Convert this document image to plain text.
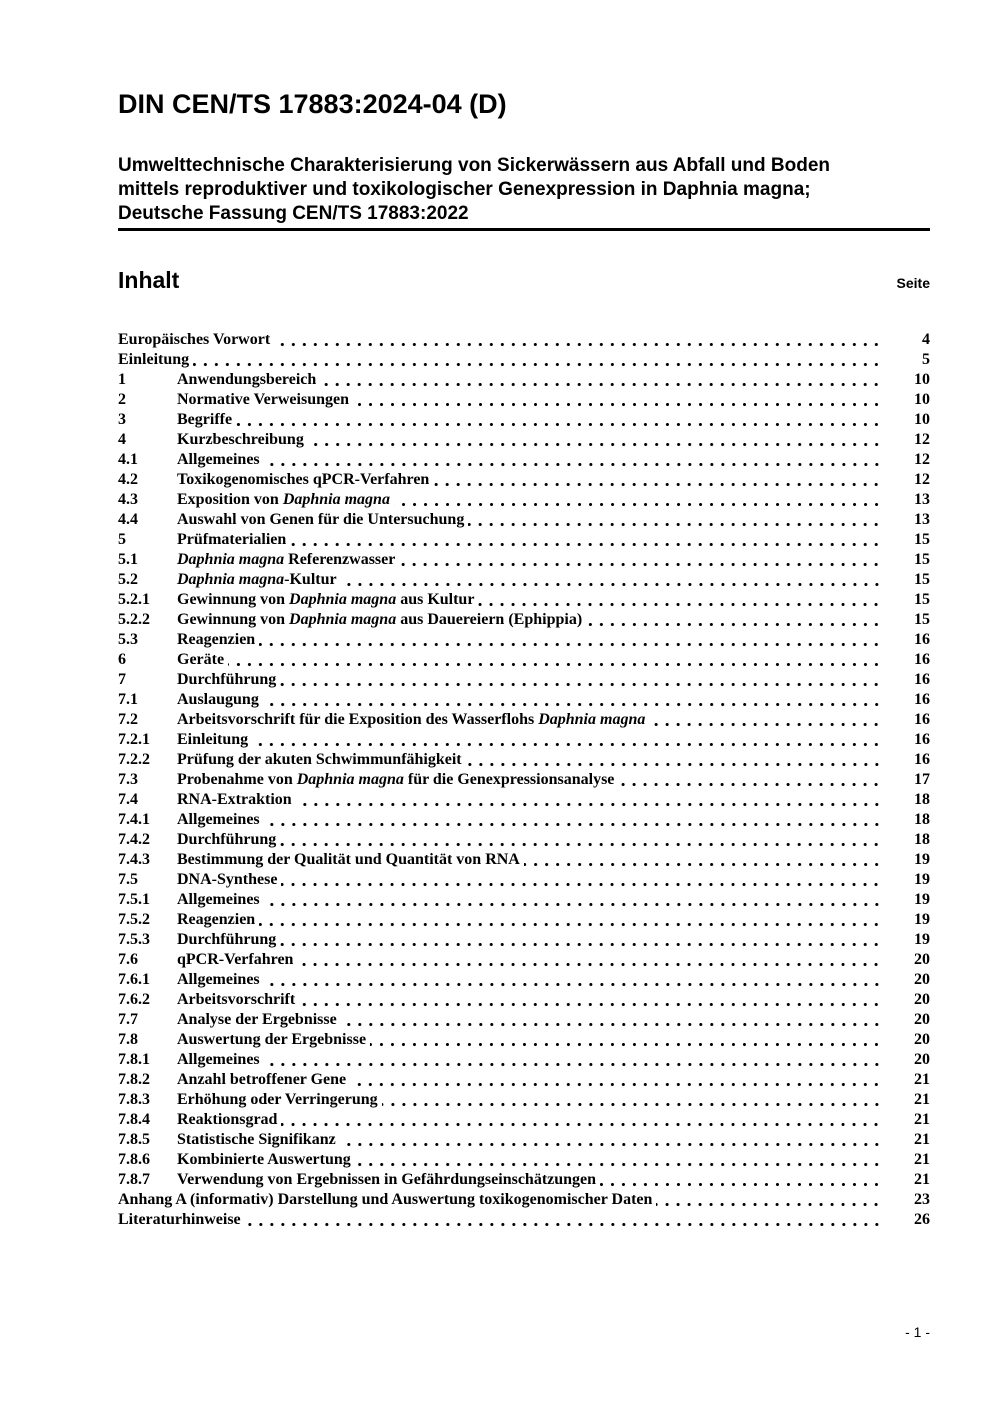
DIN CEN/TS 17883:2024-04 (D)
Umwelttechnische Charakterisierung von Sickerwässern aus Abfall und Boden
mittels reproduktiver und toxikologischer Genexpression in Daphnia magna;
Deutsche Fassung CEN/TS 17883:2022
Inhalt	Seite
Europäisches Vorwort	4
Einleitung	5
1	Anwendungsbereich	10
2	Normative Verweisungen	10
3	Begriffe	10
4	Kurzbeschreibung	12
4.1	Allgemeines	12
4.2	Toxikogenomisches qPCR-Verfahren	12
4.3	Exposition von Daphnia magna	13
4.4	Auswahl von Genen für die Untersuchung	13
5	Prüfmaterialien	15
5.1	Daphnia magna Referenzwasser	15
5.2	Daphnia magna-Kultur	15
5.2.1	Gewinnung von Daphnia magna aus Kultur	15
5.2.2	Gewinnung von Daphnia magna aus Dauereiern (Ephippia)	15
5.3	Reagenzien	16
6	Geräte	16
7	Durchführung	16
7.1	Auslaugung	16
7.2	Arbeitsvorschrift für die Exposition des Wasserflohs Daphnia magna	16
7.2.1	Einleitung	16
7.2.2	Prüfung der akuten Schwimmunfähigkeit	16
7.3	Probenahme von Daphnia magna für die Genexpressionsanalyse	17
7.4	RNA-Extraktion	18
7.4.1	Allgemeines	18
7.4.2	Durchführung	18
7.4.3	Bestimmung der Qualität und Quantität von RNA	19
7.5	DNA-Synthese	19
7.5.1	Allgemeines	19
7.5.2	Reagenzien	19
7.5.3	Durchführung	19
7.6	qPCR-Verfahren	20
7.6.1	Allgemeines	20
7.6.2	Arbeitsvorschrift	20
7.7	Analyse der Ergebnisse	20
7.8	Auswertung der Ergebnisse	20
7.8.1	Allgemeines	20
7.8.2	Anzahl betroffener Gene	21
7.8.3	Erhöhung oder Verringerung	21
7.8.4	Reaktionsgrad	21
7.8.5	Statistische Signifikanz	21
7.8.6	Kombinierte Auswertung	21
7.8.7	Verwendung von Ergebnissen in Gefährdungseinschätzungen	21
Anhang A (informativ) Darstellung und Auswertung toxikogenomischer Daten	23
Literaturhinweise	26
- 1 -
